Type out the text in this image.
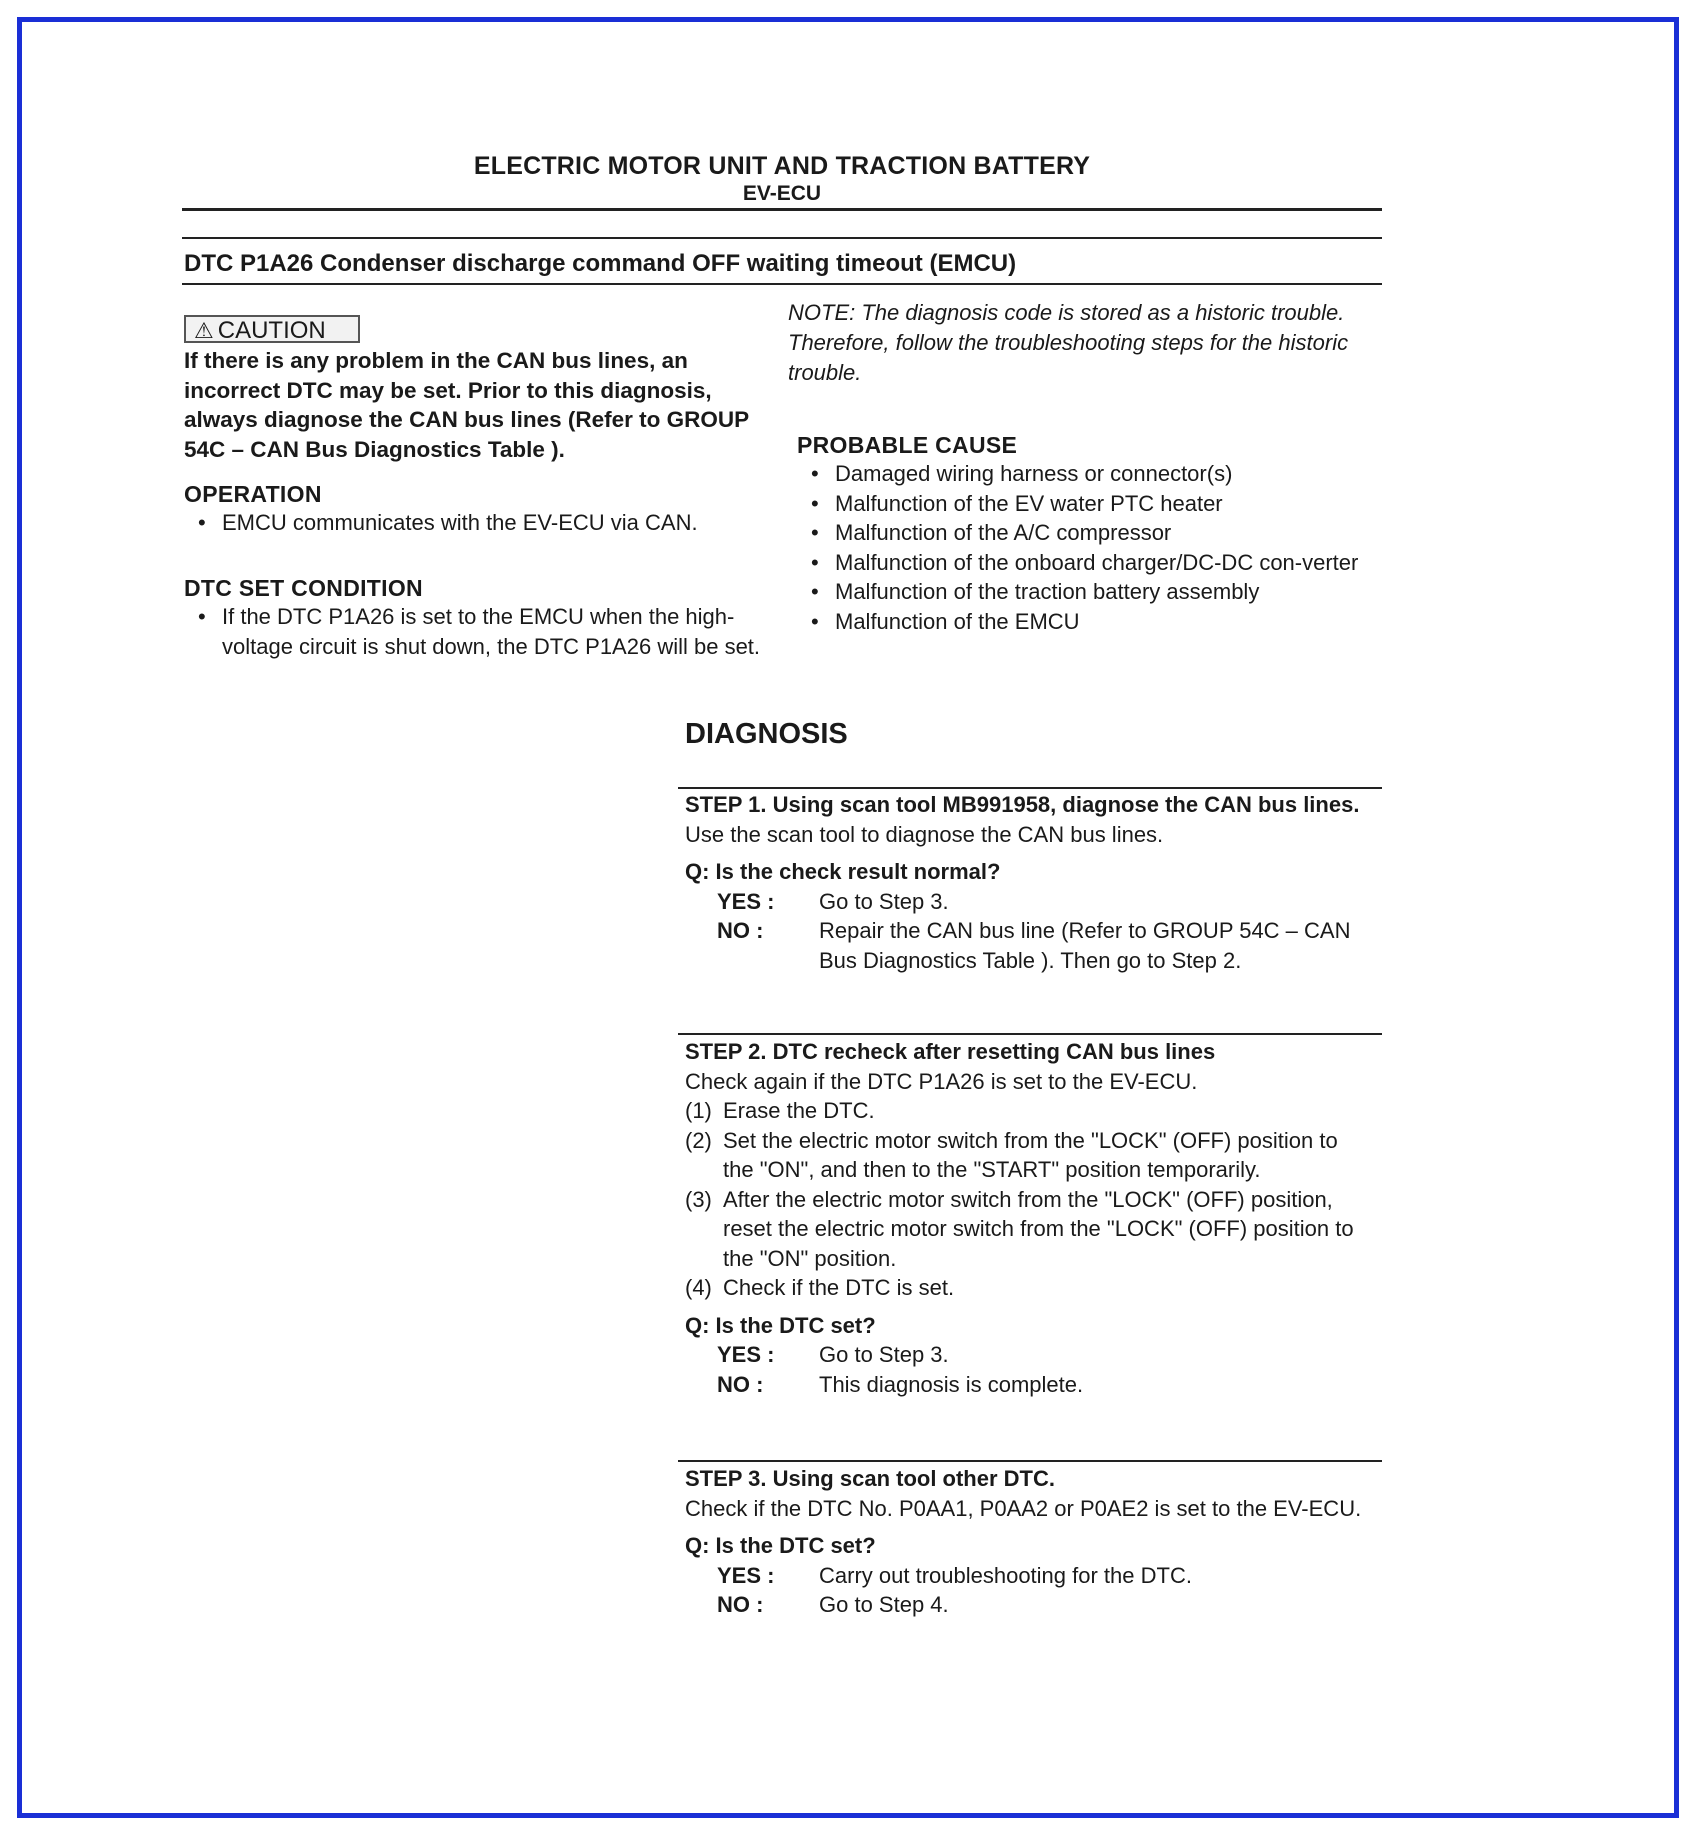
ELECTRIC MOTOR UNIT AND TRACTION BATTERY
EV-ECU
DTC P1A26 Condenser discharge command OFF waiting timeout (EMCU)
⚠ CAUTION
If there is any problem in the CAN bus lines, an incorrect DTC may be set. Prior to this diagnosis, always diagnose the CAN bus lines (Refer to GROUP 54C – CAN Bus Diagnostics Table ).
OPERATION
• EMCU communicates with the EV-ECU via CAN.
DTC SET CONDITION
• If the DTC P1A26 is set to the EMCU when the high-voltage circuit is shut down, the DTC P1A26 will be set.
NOTE: The diagnosis code is stored as a historic trouble. Therefore, follow the troubleshooting steps for the historic trouble.
PROBABLE CAUSE
• Damaged wiring harness or connector(s)
• Malfunction of the EV water PTC heater
• Malfunction of the A/C compressor
• Malfunction of the onboard charger/DC-DC con-verter
• Malfunction of the traction battery assembly
• Malfunction of the EMCU
DIAGNOSIS
STEP 1. Using scan tool MB991958, diagnose the CAN bus lines.
Use the scan tool to diagnose the CAN bus lines.
Q: Is the check result normal?
YES : Go to Step 3.
NO :	Repair the CAN bus line (Refer to GROUP 54C – CAN Bus Diagnostics Table ). Then go to Step 2.
STEP 2. DTC recheck after resetting CAN bus lines
Check again if the DTC P1A26 is set to the EV-ECU.
(1) Erase the DTC.
(2) Set the electric motor switch from the "LOCK" (OFF) position to the "ON", and then to the "START" position temporarily.
(3) After the electric motor switch from the "LOCK" (OFF) position, reset the electric motor switch from the "LOCK" (OFF) position to the "ON" position.
(4) Check if the DTC is set.
Q: Is the DTC set?
YES : Go to Step 3.
NO :	This diagnosis is complete.
STEP 3. Using scan tool other DTC.
Check if the DTC No. P0AA1, P0AA2 or P0AE2 is set to the EV-ECU.
Q: Is the DTC set?
YES : Carry out troubleshooting for the DTC.
NO :	Go to Step 4.
